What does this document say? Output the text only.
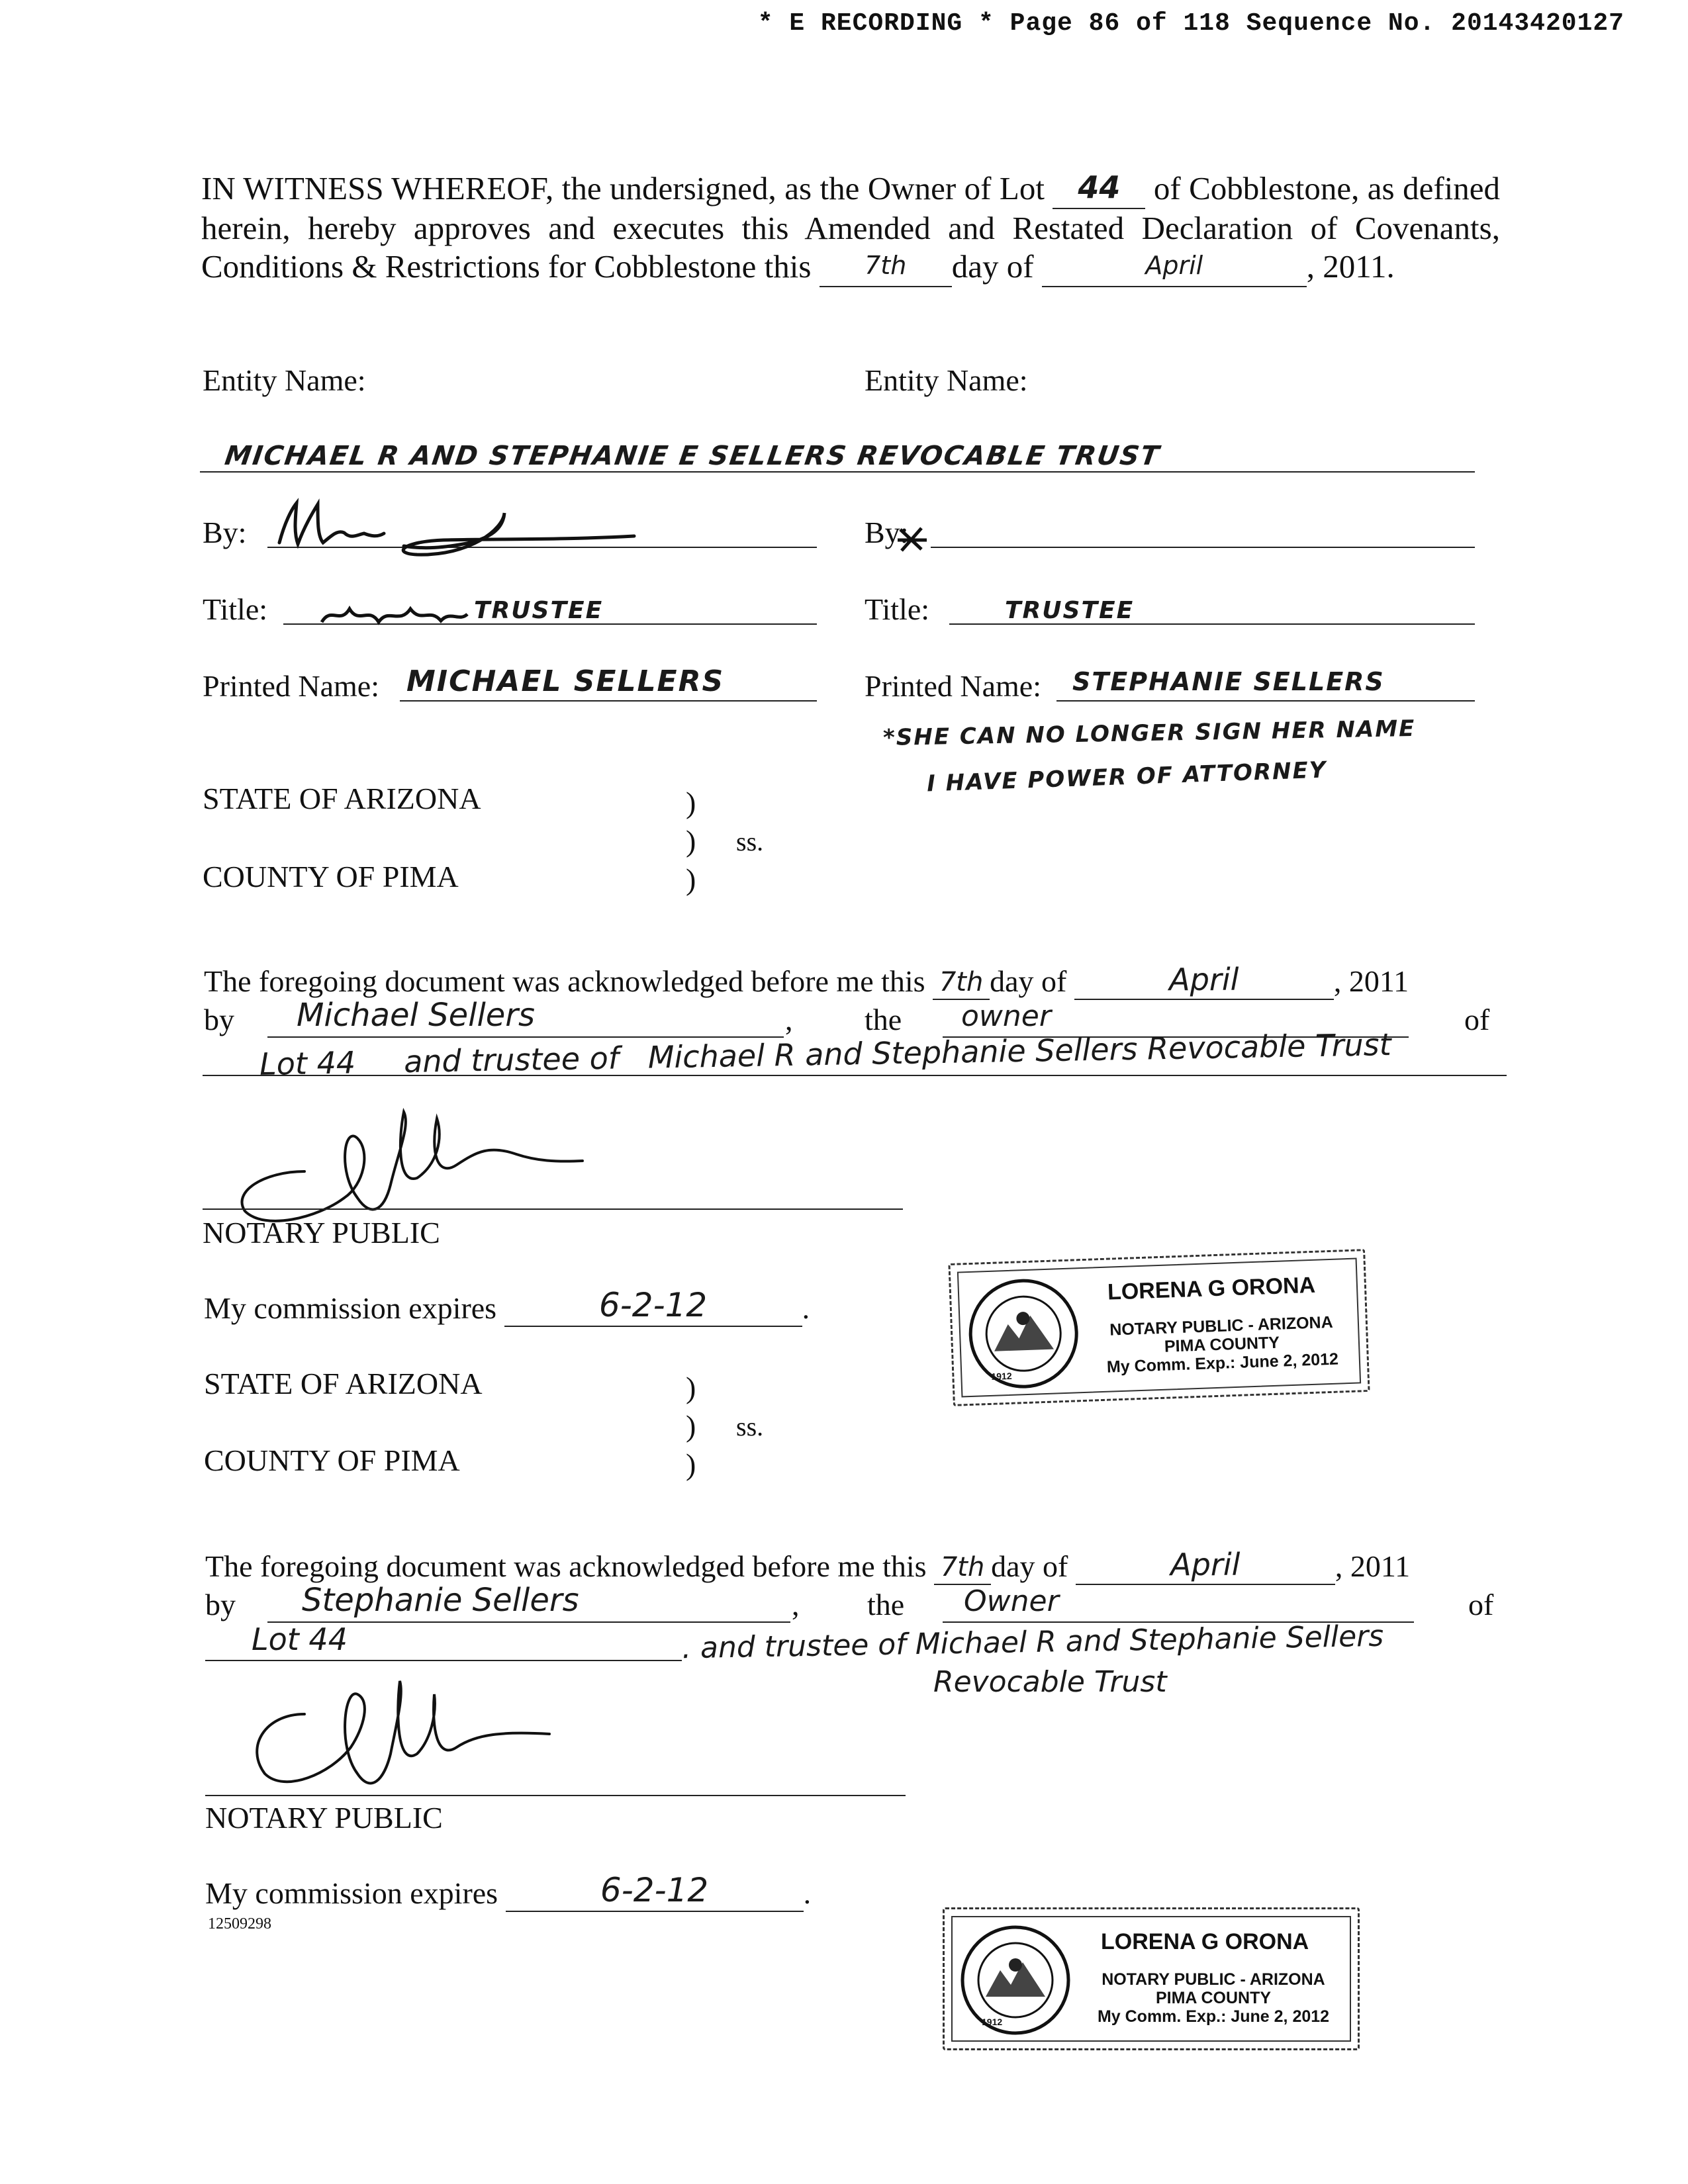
* E RECORDING * Page 86 of 118 Sequence No. 20143420127
IN WITNESS WHEREOF, the undersigned, as the Owner of Lot	44	of Cobblestone, as defined herein, hereby approves and executes this Amended and Restated Declaration of Covenants, Conditions & Restrictions for Cobblestone this	7th	day of	April	, 2011.
Entity Name:	Entity Name:
MICHAEL R AND STEPHANIE E SELLERS REVOCABLE TRUST
By:	By:
Title:	TRUSTEE	Title:	TRUSTEE
Printed Name: MICHAEL SELLERS	Printed Name: STEPHANIE SELLERS
*SHE CAN NO LONGER SIGN HER NAME
I HAVE POWER OF ATTORNEY
STATE OF ARIZONA	)
) ss.
COUNTY OF PIMA	)
The foregoing document was acknowledged before me this 7th day of	April	, 2011
by Michael Sellers	, the owner	of
Lot 44     and trustee of   Michael R and Stephanie Sellers Revocable Trust
NOTARY PUBLIC
My commission expires	6-2-12	.
1912
LORENA G ORONA
NOTARY PUBLIC - ARIZONA
PIMA COUNTY
My Comm. Exp.: June 2, 2012
STATE OF ARIZONA	)
) ss.
COUNTY OF PIMA	)
The foregoing document was acknowledged before me this 7th day of	April	, 2011
by Stephanie Sellers	, the Owner	of
Lot 44	. and trustee of Michael R and Stephanie Sellers
Revocable Trust
NOTARY PUBLIC
My commission expires	6-2-12	.
12509298
1912
LORENA G ORONA
NOTARY PUBLIC - ARIZONA
PIMA COUNTY
My Comm. Exp.: June 2, 2012
